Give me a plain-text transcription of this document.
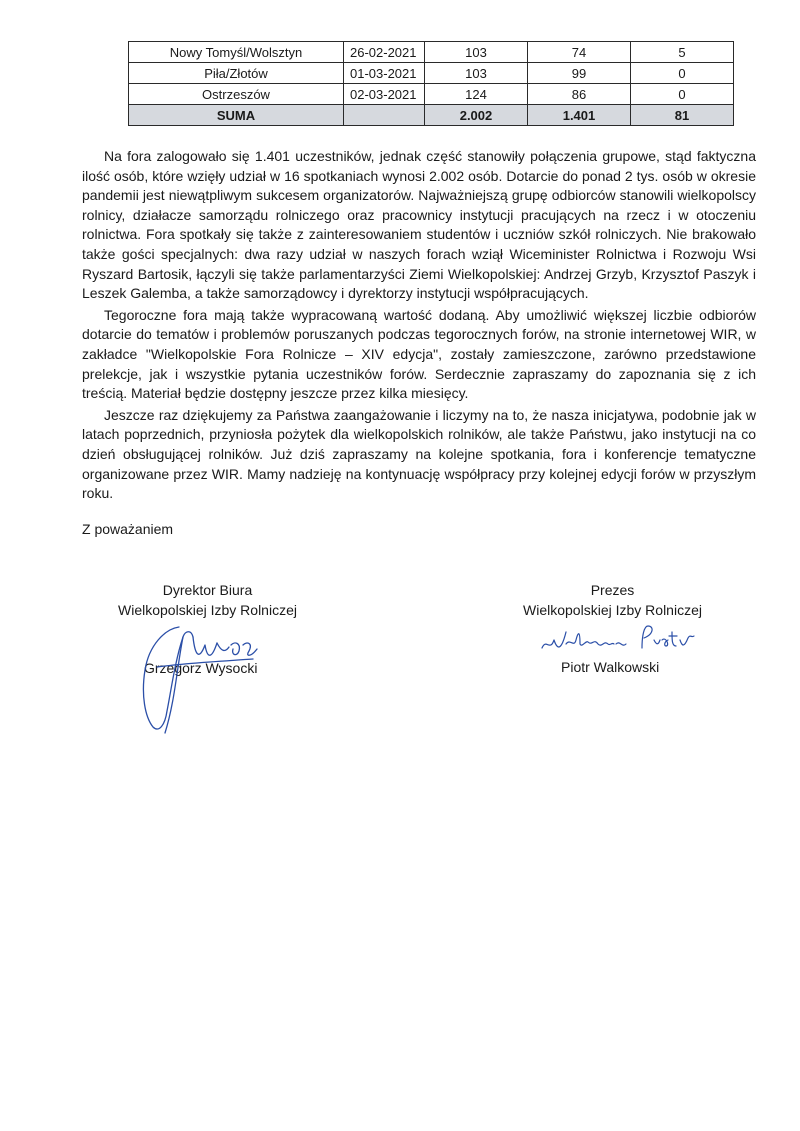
Nowy Tomyśl/Wolsztyn	26-02-2021	103	74	5
Piła/Złotów	01-03-2021	103	99	0
Ostrzeszów	02-03-2021	124	86	0
SUMA		2.002	1.401	81

Na fora zalogowało się 1.401 uczestników, jednak część stanowiły połączenia grupowe, stąd faktyczna ilość osób, które wzięły udział w 16 spotkaniach wynosi 2.002 osób. Dotarcie do ponad 2 tys. osób w okresie pandemii jest niewątpliwym sukcesem organizatorów. Najważniejszą grupę odbiorców stanowili wielkopolscy rolnicy, działacze samorządu rolniczego oraz pracownicy instytucji pracujących na rzecz i w otoczeniu rolnictwa. Fora spotkały się także z zainteresowaniem studentów i uczniów szkół rolniczych. Nie brakowało także gości specjalnych: dwa razy udział w naszych forach wziął Wiceminister Rolnictwa i Rozwoju Wsi Ryszard Bartosik, łączyli się także parlamentarzyści Ziemi Wielkopolskiej: Andrzej Grzyb, Krzysztof Paszyk i Leszek Galemba, a także samorządowcy i dyrektorzy instytucji współpracujących.

Tegoroczne fora mają także wypracowaną wartość dodaną. Aby umożliwić większej liczbie odbiorów dotarcie do tematów i problemów poruszanych podczas tegorocznych forów, na stronie internetowej WIR, w zakładce "Wielkopolskie Fora Rolnicze – XIV edycja", zostały zamieszczone, zarówno przedstawione prelekcje, jak i wszystkie pytania uczestników forów. Serdecznie zapraszamy do zapoznania się z ich treścią. Materiał będzie dostępny jeszcze przez kilka miesięcy.

Jeszcze raz dziękujemy za Państwa zaangażowanie i liczymy na to, że nasza inicjatywa, podobnie jak w latach poprzednich, przyniosła pożytek dla wielkopolskich rolników, ale także Państwu, jako instytucji na co dzień obsługującej rolników. Już dziś zapraszamy na kolejne spotkania, fora i konferencje tematyczne organizowane przez WIR. Mamy nadzieję na kontynuację współpracy przy kolejnej edycji forów w przyszłym roku.

Z poważaniem
Dyrektor Biura
Wielkopolskiej Izby Rolniczej
Grzegorz Wysocki
Prezes
Wielkopolskiej Izby Rolniczej
Piotr Walkowski
